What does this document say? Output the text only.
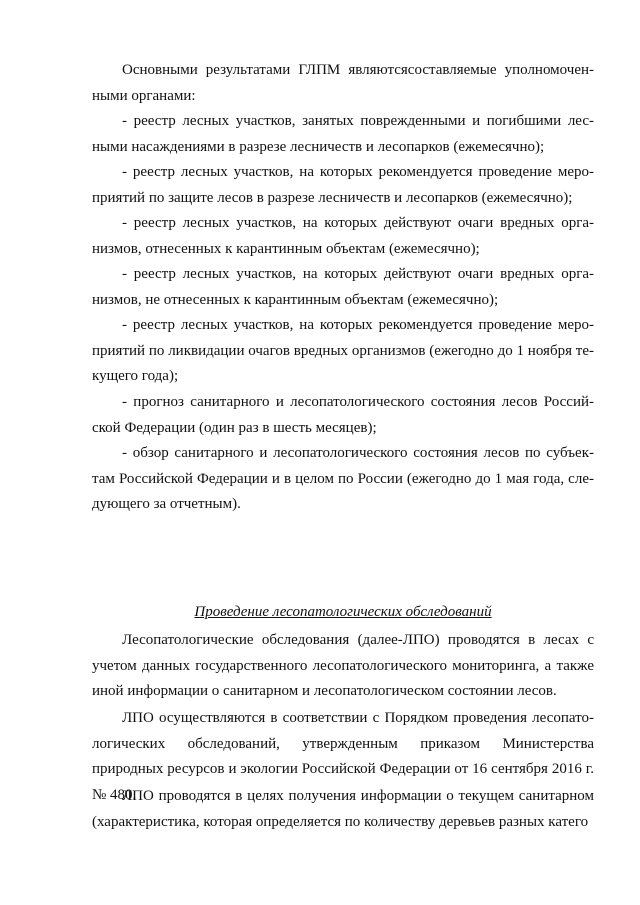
Основными результатами ГЛПМ являютсясоставляемые уполномоченными органами:

- реестр лесных участков, занятых поврежденными и погибшими лесными насаждениями в разрезе лесничеств и лесопарков (ежемесячно);

- реестр лесных участков, на которых рекомендуется проведение мероприятий по защите лесов в разрезе лесничеств и лесопарков (ежемесячно);

- реестр лесных участков, на которых действуют очаги вредных организмов, отнесенных к карантинным объектам (ежемесячно);

- реестр лесных участков, на которых действуют очаги вредных организмов, не отнесенных к карантинным объектам (ежемесячно);

- реестр лесных участков, на которых рекомендуется проведение мероприятий по ликвидации очагов вредных организмов (ежегодно до 1 ноября текущего года);

- прогноз санитарного и лесопатологического состояния лесов Российской Федерации (один раз в шесть месяцев);

- обзор санитарного и лесопатологического состояния лесов по субъектам Российской Федерации и в целом по России (ежегодно до 1 мая года, следующего за отчетным).

Проведение лесопатологических обследований

Лесопатологические обследования (далее-ЛПО) проводятся в лесах с учетом данных государственного лесопатологического мониторинга, а также иной информации о санитарном и лесопатологическом состоянии лесов.

ЛПО осуществляются в соответствии с Порядком проведения лесопатологических обследований, утвержденным приказом Министерства природных ресурсов и экологии Российской Федерации от 16 сентября 2016 г. № 480.

ЛПО проводятся в целях получения информации о текущем санитарном (характеристика, которая определяется по количеству деревьев разных катего
